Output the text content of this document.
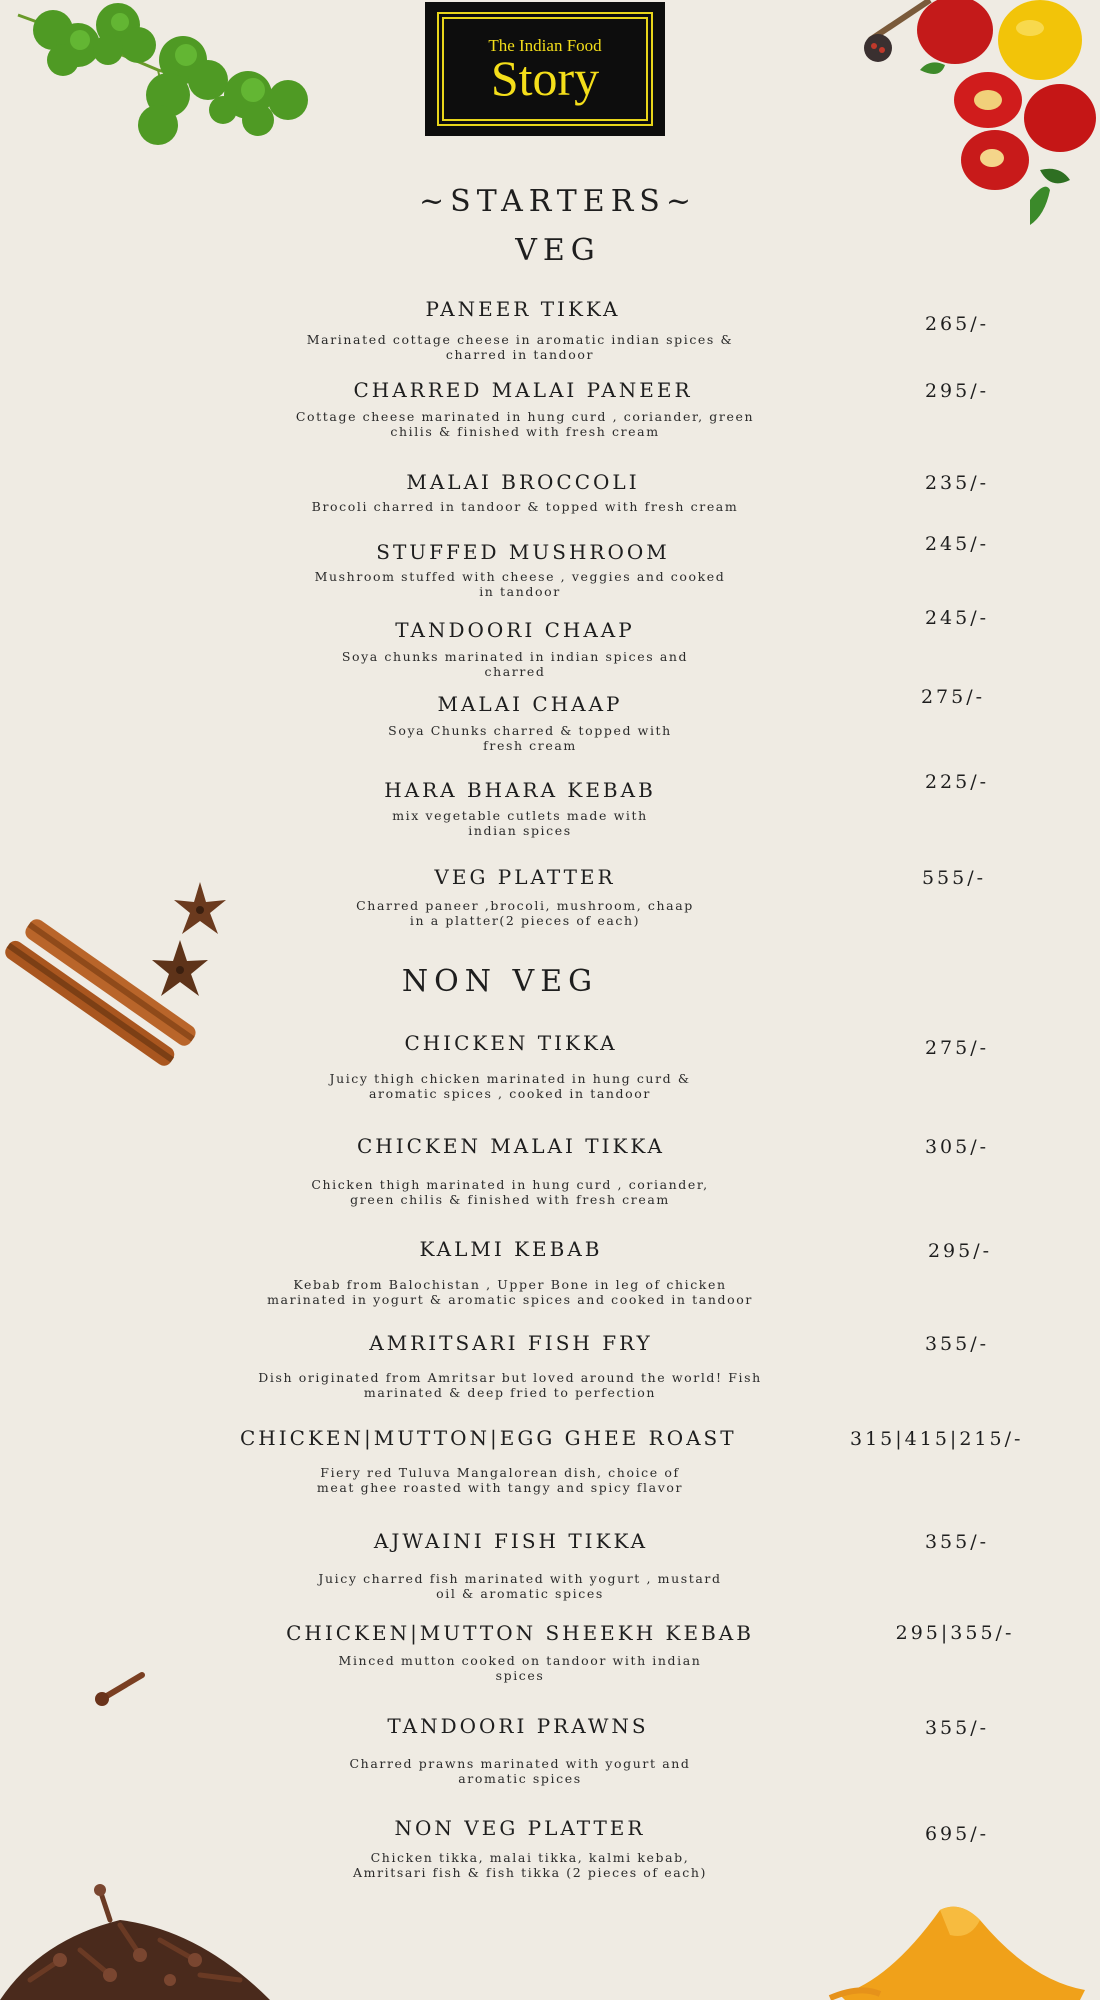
The Indian Food
Story
~STARTERS~
VEG
NON VEG
PANEER TIKKA
Marinated cottage cheese in aromatic indian spices &
charred in tandoor
265/-
CHARRED MALAI PANEER
Cottage cheese marinated in hung curd , coriander, green
chilis & finished with fresh cream
295/-
MALAI BROCCOLI
Brocoli charred in tandoor & topped with fresh cream
235/-
STUFFED MUSHROOM
Mushroom stuffed with cheese , veggies and cooked
in tandoor
245/-
TANDOORI CHAAP
Soya chunks marinated in indian spices and
charred
245/-
MALAI CHAAP
Soya Chunks charred & topped with
fresh cream
275/-
HARA BHARA KEBAB
mix vegetable cutlets made with
indian spices
225/-
VEG PLATTER
Charred paneer ,brocoli, mushroom, chaap
in a platter(2 pieces of each)
555/-
CHICKEN TIKKA
Juicy thigh chicken marinated in hung curd &
aromatic spices , cooked in tandoor
275/-
CHICKEN MALAI TIKKA
Chicken thigh marinated in hung curd , coriander,
green chilis & finished with fresh cream
305/-
KALMI KEBAB
Kebab from Balochistan , Upper Bone in leg of chicken
marinated in yogurt & aromatic spices and cooked in tandoor
295/-
AMRITSARI FISH FRY
Dish originated from Amritsar but loved around the world! Fish
marinated & deep fried to perfection
355/-
CHICKEN|MUTTON|EGG GHEE ROAST
Fiery red Tuluva Mangalorean dish, choice of
meat ghee roasted with tangy and spicy flavor
315|415|215/-
AJWAINI FISH TIKKA
Juicy charred fish marinated with yogurt , mustard
oil & aromatic spices
355/-
CHICKEN|MUTTON SHEEKH KEBAB
Minced mutton cooked on tandoor with indian
spices
295|355/-
TANDOORI PRAWNS
Charred prawns marinated with yogurt and
aromatic spices
355/-
NON VEG PLATTER
Chicken tikka, malai tikka, kalmi kebab,
Amritsari fish & fish tikka (2 pieces of each)
695/-
